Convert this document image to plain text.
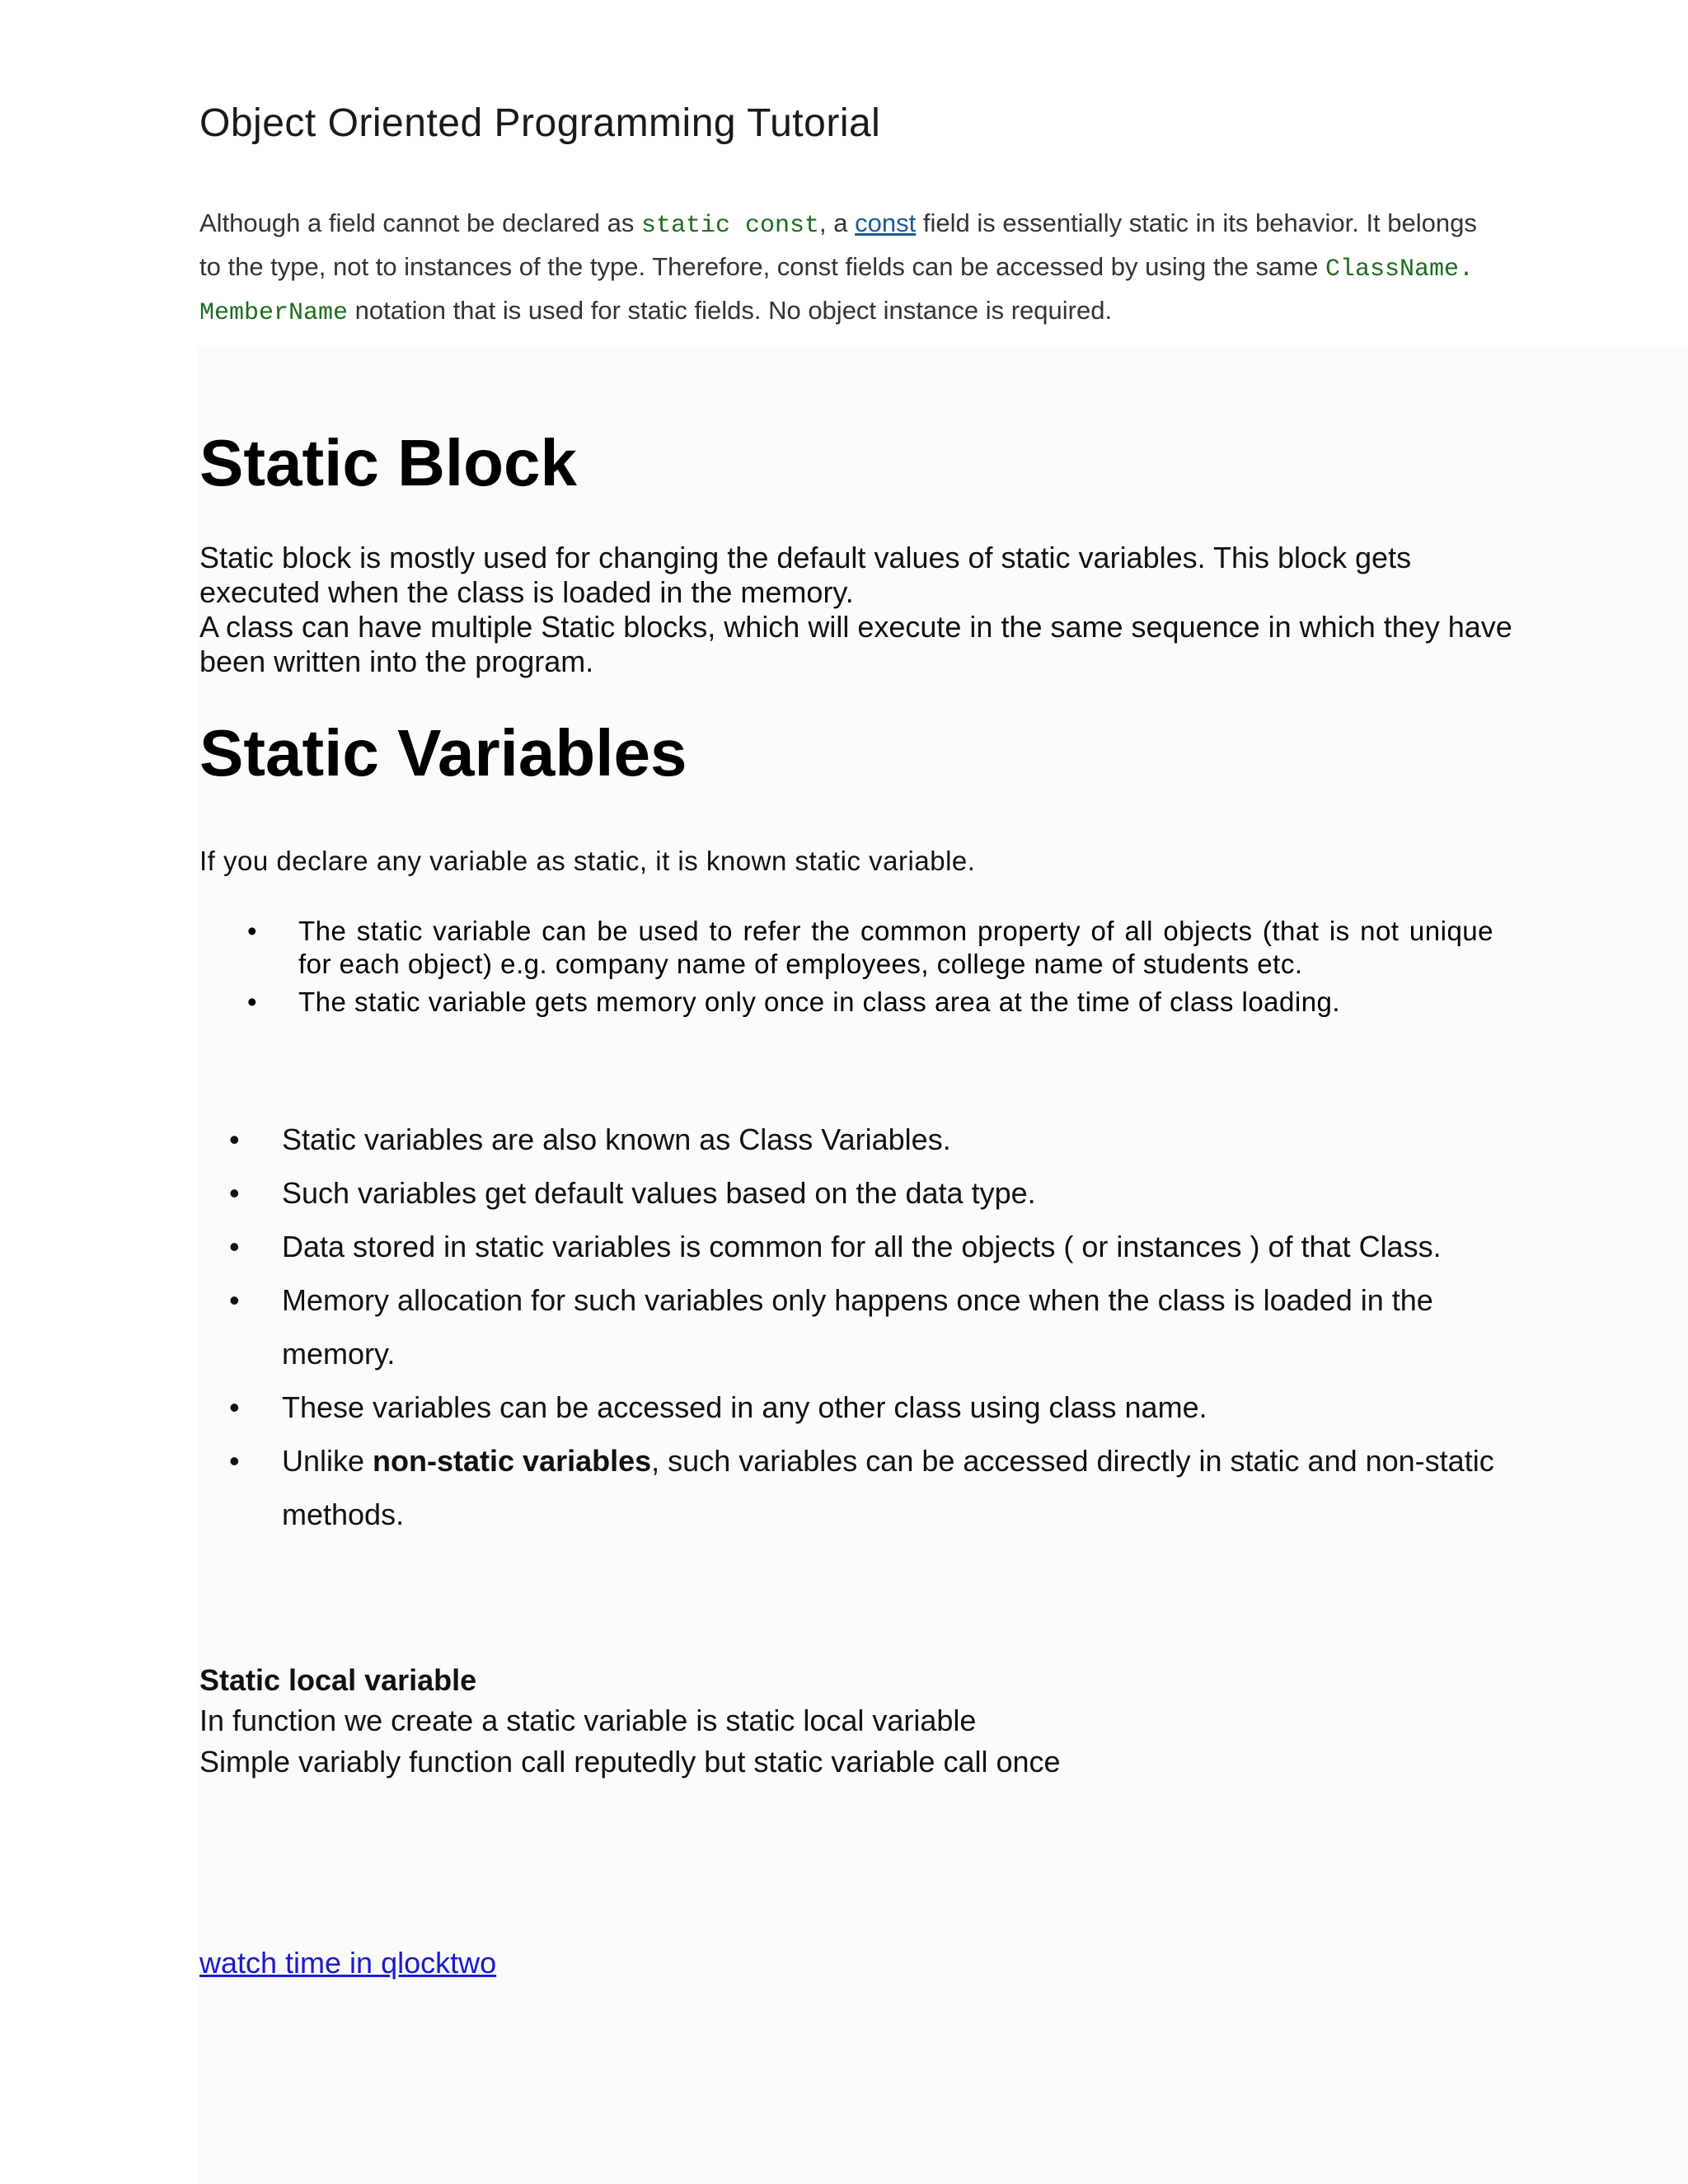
Object Oriented Programming Tutorial

Although a field cannot be declared as static const, a const field is essentially static in its behavior. It belongs to the type, not to instances of the type. Therefore, const fields can be accessed by using the same ClassName. MemberName notation that is used for static fields. No object instance is required.

Static Block

Static block is mostly used for changing the default values of static variables. This block gets executed when the class is loaded in the memory.

A class can have multiple Static blocks, which will execute in the same sequence in which they have been written into the program.

Static Variables

If you declare any variable as static, it is known static variable.

• The static variable can be used to refer the common property of all objects (that is not unique for each object) e.g. company name of employees, college name of students etc.
• The static variable gets memory only once in class area at the time of class loading.
• Static variables are also known as Class Variables.
• Such variables get default values based on the data type.
• Data stored in static variables is common for all the objects ( or instances ) of that Class.
• Memory allocation for such variables only happens once when the class is loaded in the memory.
• These variables can be accessed in any other class using class name.
• Unlike non-static variables, such variables can be accessed directly in static and non-static methods.
Static local variable
In function we create a static variable is static local variable
Simple variably function call reputedly but static variable call once
watch time in qlocktwo
